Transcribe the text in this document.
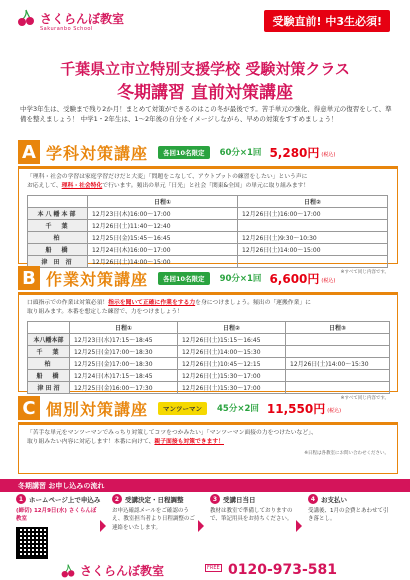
さくらんぼ教室
Sakuranbo School
受験直前! 中3生必須!
千葉県立市立特別支援学校 受験対策クラス
冬期講習 直前対策講座
中学3年生は、受験まで残り2か月！まとめて対策ができるのはこの冬が最後です。苦手単元の強化、得意単元の復習をして、準備を整えましょう！ 中学1・2年生は、1〜2年後の自分をイメージしながら、早めの対策をすすめましょう！
A 学科対策講座	各回10名限定	60分×1回 5,280円 (税込)
「理科・社会の学習は家庭学習だけだと大変」「問題をこなして、アウトプットの練習をしたい」という声に
お応えして、理科・社会特化で行います。頻出の単元「日光」と社会「関東&全国」の単元に取り組みます！
	日程①	日程②
本八幡本部	12月23日(木)16:00〜17:00	12月26日(土)16:00〜17:00
千　葉	12月26日(土)11:40〜12:40	
柏	12月25日(金)15:45〜16:45	12月26日(土)9:30〜10:30
船　橋	12月24日(木)16:00〜17:00	12月26日(土)14:00〜15:00
津 田 沼	12月26日(土)14:00〜15:00	
※すべて同じ内容です。
B 作業対策講座	各回10名限定	90分×1回 6,600円 (税込)
口頭指示での作業は対策必須！指示を聞いて正確に作業をする力を身につけましょう。頻出の「運搬作業」に
取り組みます。本番を想定した練習で、力をつけましょう！
	日程①	日程②	日程③
本八幡本部	12月23日(水)17:15〜18:45	12月26日(土)15:15〜16:45	
千　葉	12月25日(金)17:00〜18:30	12月26日(土)14:00〜15:30	
柏	12月25日(金)17:00〜18:30	12月26日(土)10:45〜12:15	12月26日(土)14:00〜15:30
船　橋	12月24日(木)17:15〜18:45	12月26日(土)15:30〜17:00	
津 田 沼	12月25日(金)16:00〜17:30	12月26日(土)15:30〜17:00	
※すべて同じ内容です。
C 個別対策講座	マンツーマン	45分×2回 11,550円 (税込)
「苦手な単元をマンツーマンでみっちり対策してコツをつかみたい」「マンツーマン面接の力をつけたいなど」、
取り組みたい内容に対応します！本番に向けて、親子面接も対策できます！
※日程は各教室にお問い合わせください。
冬期講習 お申し込みの流れ
1 ホームページ上で申込み
(締切) 12月9日(水) さくらんぼ教室
2 受講決定・日程調整
お申込確認メールをご確認のうえ、教室担当者より日程調整のご連絡をいたします。
3 受講日当日
教材は教室で準備しておりますので、筆記用具をお持ちください。
4 お支払い
受講後、1月の会費とあわせて引き落とし。
さくらんぼ教室	FREE 0120-973-581
